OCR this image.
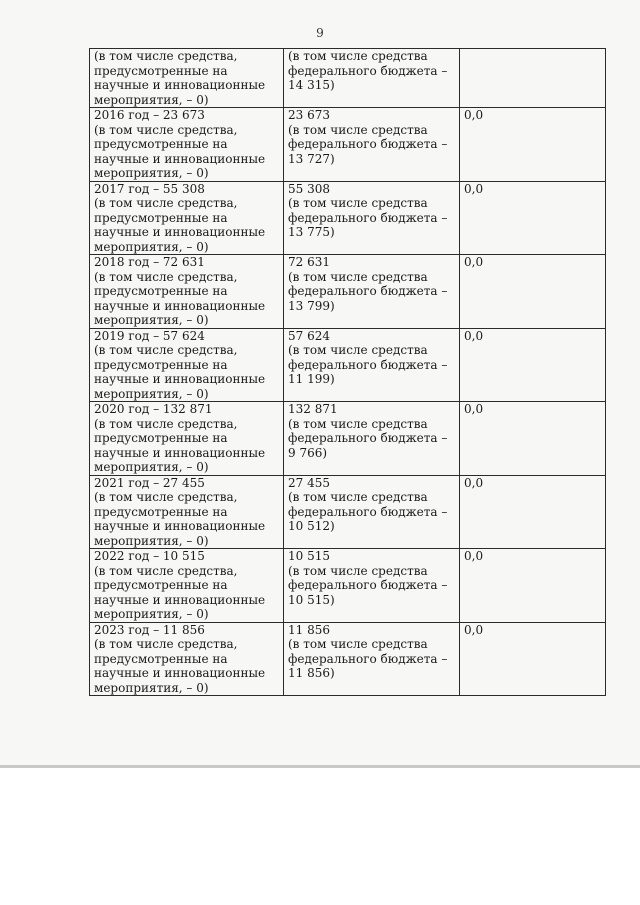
9
(в том числе средства,
предусмотренные на
научные и инновационные
мероприятия, – 0)	(в том числе средства
федерального бюджета –
14 315)	

2016 год – 23 673
(в том числе средства,
предусмотренные на
научные и инновационные
мероприятия, – 0)	23 673
(в том числе средства
федерального бюджета –
13 727)	0,0

2017 год – 55 308
(в том числе средства,
предусмотренные на
научные и инновационные
мероприятия, – 0)	55 308
(в том числе средства
федерального бюджета –
13 775)	0,0

2018 год – 72 631
(в том числе средства,
предусмотренные на
научные и инновационные
мероприятия, – 0)	72 631
(в том числе средства
федерального бюджета –
13 799)	0,0

2019 год – 57 624
(в том числе средства,
предусмотренные на
научные и инновационные
мероприятия, – 0)	57 624
(в том числе средства
федерального бюджета –
11 199)	0,0

2020 год – 132 871
(в том числе средства,
предусмотренные на
научные и инновационные
мероприятия, – 0)	132 871
(в том числе средства
федерального бюджета –
9 766)	0,0

2021 год – 27 455
(в том числе средства,
предусмотренные на
научные и инновационные
мероприятия, – 0)	27 455
(в том числе средства
федерального бюджета –
10 512)	0,0

2022 год – 10 515
(в том числе средства,
предусмотренные на
научные и инновационные
мероприятия, – 0)	10 515
(в том числе средства
федерального бюджета –
10 515)	0,0

2023 год – 11 856
(в том числе средства,
предусмотренные на
научные и инновационные
мероприятия, – 0)	11 856
(в том числе средства
федерального бюджета –
11 856)	0,0
